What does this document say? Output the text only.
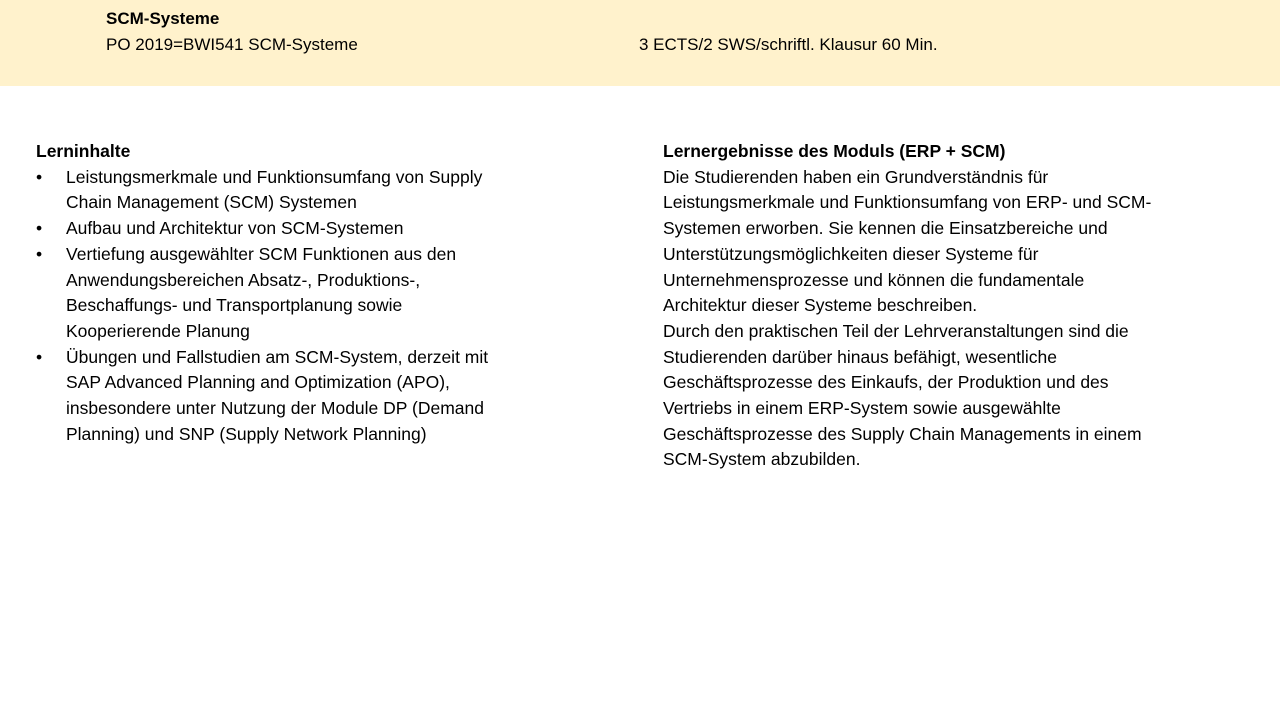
SCM-Systeme
PO 2019=BWI541 SCM-Systeme	3 ECTS/2 SWS/schriftl. Klausur 60 Min.
Lerninhalte
•	Leistungsmerkmale und Funktionsumfang von Supply
Chain Management (SCM) Systemen
•	Aufbau und Architektur von SCM-Systemen
•	Vertiefung ausgewählter SCM Funktionen aus den
Anwendungsbereichen Absatz-, Produktions-,
Beschaffungs- und Transportplanung sowie
Kooperierende Planung
•	Übungen und Fallstudien am SCM-System, derzeit mit
SAP Advanced Planning and Optimization (APO),
insbesondere unter Nutzung der Module DP (Demand
Planning) und SNP (Supply Network Planning)
Lernergebnisse des Moduls (ERP + SCM)
Die Studierenden haben ein Grundverständnis für
Leistungsmerkmale und Funktionsumfang von ERP- und SCM-
Systemen erworben. Sie kennen die Einsatzbereiche und
Unterstützungsmöglichkeiten dieser Systeme für
Unternehmensprozesse und können die fundamentale
Architektur dieser Systeme beschreiben.
Durch den praktischen Teil der Lehrveranstaltungen sind die
Studierenden darüber hinaus befähigt, wesentliche
Geschäftsprozesse des Einkaufs, der Produktion und des
Vertriebs in einem ERP-System sowie ausgewählte
Geschäftsprozesse des Supply Chain Managements in einem
SCM-System abzubilden.
